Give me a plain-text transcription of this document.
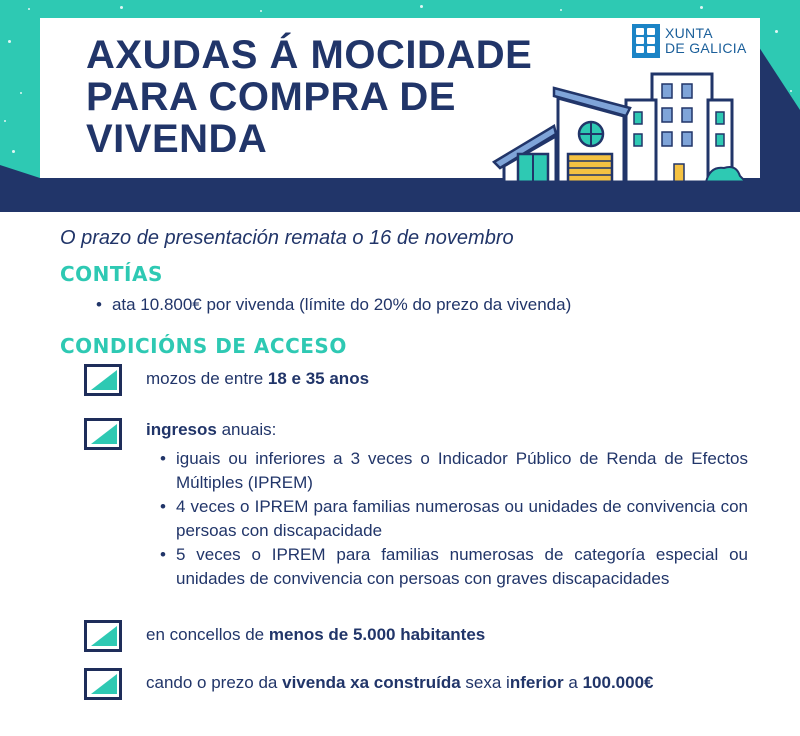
AXUDAS Á MOCIDADE
PARA COMPRA DE
VIVENDA
XUNTA
DE GALICIA
O prazo de presentación remata o 16 de novembro
CONTÍAS
• ata 10.800€ por vivenda (límite do 20% do prezo da vivenda)
CONDICIÓNS DE ACCESO
mozos de entre 18 e 35 anos
ingresos anuais:
• iguais ou inferiores a 3 veces o Indicador Público de Renda de Efectos Múltiples (IPREM)
• 4 veces o IPREM para familias numerosas ou unidades de convivencia con persoas con discapacidade
• 5 veces o IPREM para familias numerosas de categoría especial ou unidades de convivencia con persoas con graves discapacidades
en concellos de menos de 5.000 habitantes
cando o prezo da vivenda xa construída sexa inferior a 100.000€
